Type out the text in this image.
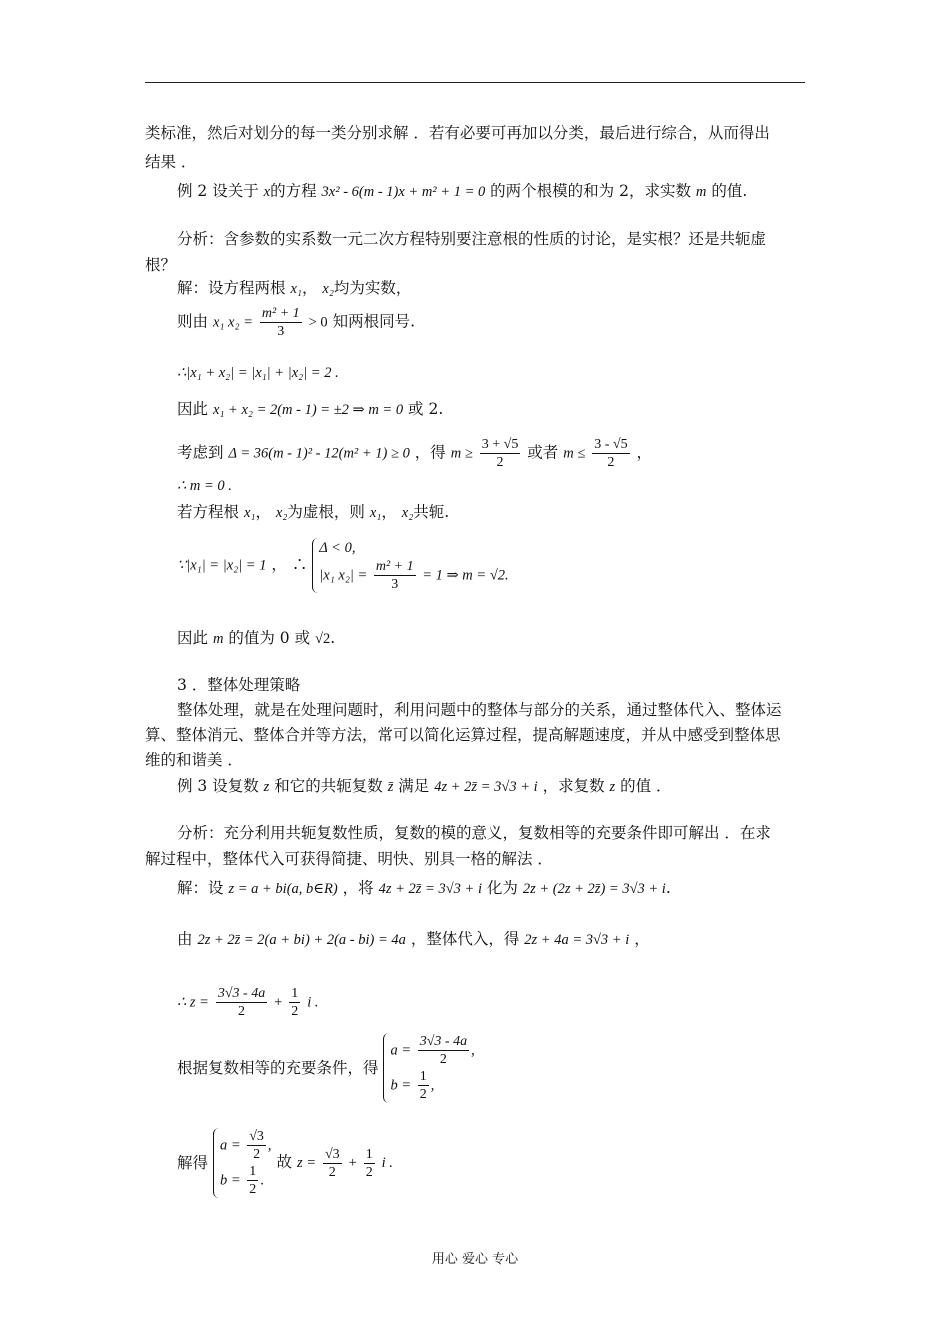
类标准，然后对划分的每一类分别求解 ．若有必要可再加以分类，最后进行综合，从而得出
结果 ．
例 2 设关于 x的方程 3x² - 6(m - 1)x + m² + 1 = 0 的两个根模的和为 2，求实数 m 的值.
分析：含参数的实系数一元二次方程特别要注意根的性质的讨论，是实根？还是共轭虚
根？
解：设方程两根 x₁， x₂均为实数，
则由 x₁ $x_2 = \frac{\text{m² + 1}}{3} > 0$ 知两根同号.
∴|x₁ + x₂| = |x₁| + |x₂| = 2 .
因此 x₁ + x₂ = 2(m - 1) = ±2 ⇒ m = 0 或 2.
考虑到 Δ = 36(m - 1)² - 12(m² + 1) ≥ 0 ，得 $m \ge \frac{3 + √5}{2}$ 或者 $m \le \frac{3 - √5}{2}$ ，
∴ m = 0 .
若方程根 x₁， x₂为虚根，则 x₁， x₂共轭.
∵|x₁| = |x₂| = 1 ， ∴
Δ < 0,
|x₁ $x_2| = \frac{\text{m² + 1}}{3} = 1$ ⇒ m = √2.
因此 m 的值为 0 或 √2.
3 ．整体处理策略
整体处理，就是在处理问题时，利用问题中的整体与部分的关系，通过整体代入、整体运
算、整体消元、整体合并等方法，常可以简化运算过程，提高解题速度，并从中感受到整体思
维的和谐美 ．
例 3 设复数 z 和它的共轭复数 z̄ 满足 4z + 2z̄ = 3√3 + i ，求复数 z 的值 ．
分析：充分利用共轭复数性质，复数的模的意义，复数相等的充要条件即可解出 ．在求
解过程中，整体代入可获得简捷、明快、别具一格的解法 ．
解：设 z = a + bi(a, b∈R) ，将 4z + 2z̄ = 3√3 + i 化为 2z + (2z + 2z̄) = 3√3 + i.
由 2z + 2z̄ = 2(a + bi) + 2(a - bi) = 4a ，整体代入，得 2z + 4a = 3√3 + i ，
∴ $z = \frac{3√3 - 4a}{2} + \frac{1}{2}$ i .
根据复数相等的充要条件，得
$a = \frac{3√3 - 4a}{2}$ ,
$b = \frac{1}{2}$ ,
解得
$a = \frac{√3}{2}$ ,
$b = \frac{1}{2}$ .
故 $z = \frac{√3}{2} + \frac{1}{2}$ i .
用心 爱心 专心
